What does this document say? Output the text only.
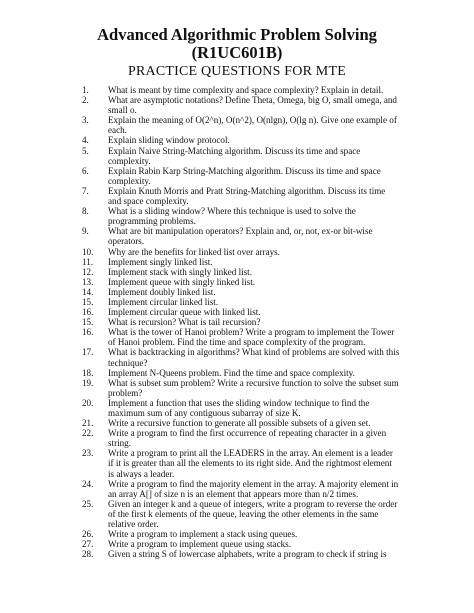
Advanced Algorithmic Problem Solving
(R1UC601B)
PRACTICE QUESTIONS FOR MTE
1. What is meant by time complexity and space complexity? Explain in detail.
2. What are asymptotic notations? Define Theta, Omega, big O, small omega, and small o.
3. Explain the meaning of O(2^n), O(n^2), O(nlgn), O(lg n). Give one example of each.
4. Explain sliding window protocol.
5. Explain Naive String-Matching algorithm. Discuss its time and space complexity.
6. Explain Rabin Karp String-Matching algorithm. Discuss its time and space complexity.
7. Explain Knuth Morris and Pratt String-Matching algorithm. Discuss its time and space complexity.
8. What is a sliding window? Where this technique is used to solve the programming problems.
9. What are bit manipulation operators? Explain and, or, not, ex-or bit-wise operators.
10. Why are the benefits for linked list over arrays.
11. Implement singly linked list.
12. Implement stack with singly linked list.
13. Implement queue with singly linked list.
14. Implement doubly linked list.
15. Implement circular linked list.
16. Implement circular queue with linked list.
15. What is recursion? What is tail recursion?
16. What is the tower of Hanoi problem? Write a program to implement the Tower of Hanoi problem. Find the time and space complexity of the program.
17. What is backtracking in algorithms? What kind of problems are solved with this technique?
18. Implement N-Queens problem. Find the time and space complexity.
19. What is subset sum problem? Write a recursive function to solve the subset sum problem?
20. Implement a function that uses the sliding window technique to find the maximum sum of any contiguous subarray of size K.
21. Write a recursive function to generate all possible subsets of a given set.
22. Write a program to find the first occurrence of repeating character in a given string.
23. Write a program to print all the LEADERS in the array. An element is a leader if it is greater than all the elements to its right side. And the rightmost element is always a leader.
24. Write a program to find the majority element in the array. A majority element in an array A[] of size n is an element that appears more than n/2 times.
25. Given an integer k and a queue of integers, write a program to reverse the order of the first k elements of the queue, leaving the other elements in the same relative order.
26. Write a program to implement a stack using queues.
27. Write a program to implement queue using stacks.
28. Given a string S of lowercase alphabets, write a program to check if string is
